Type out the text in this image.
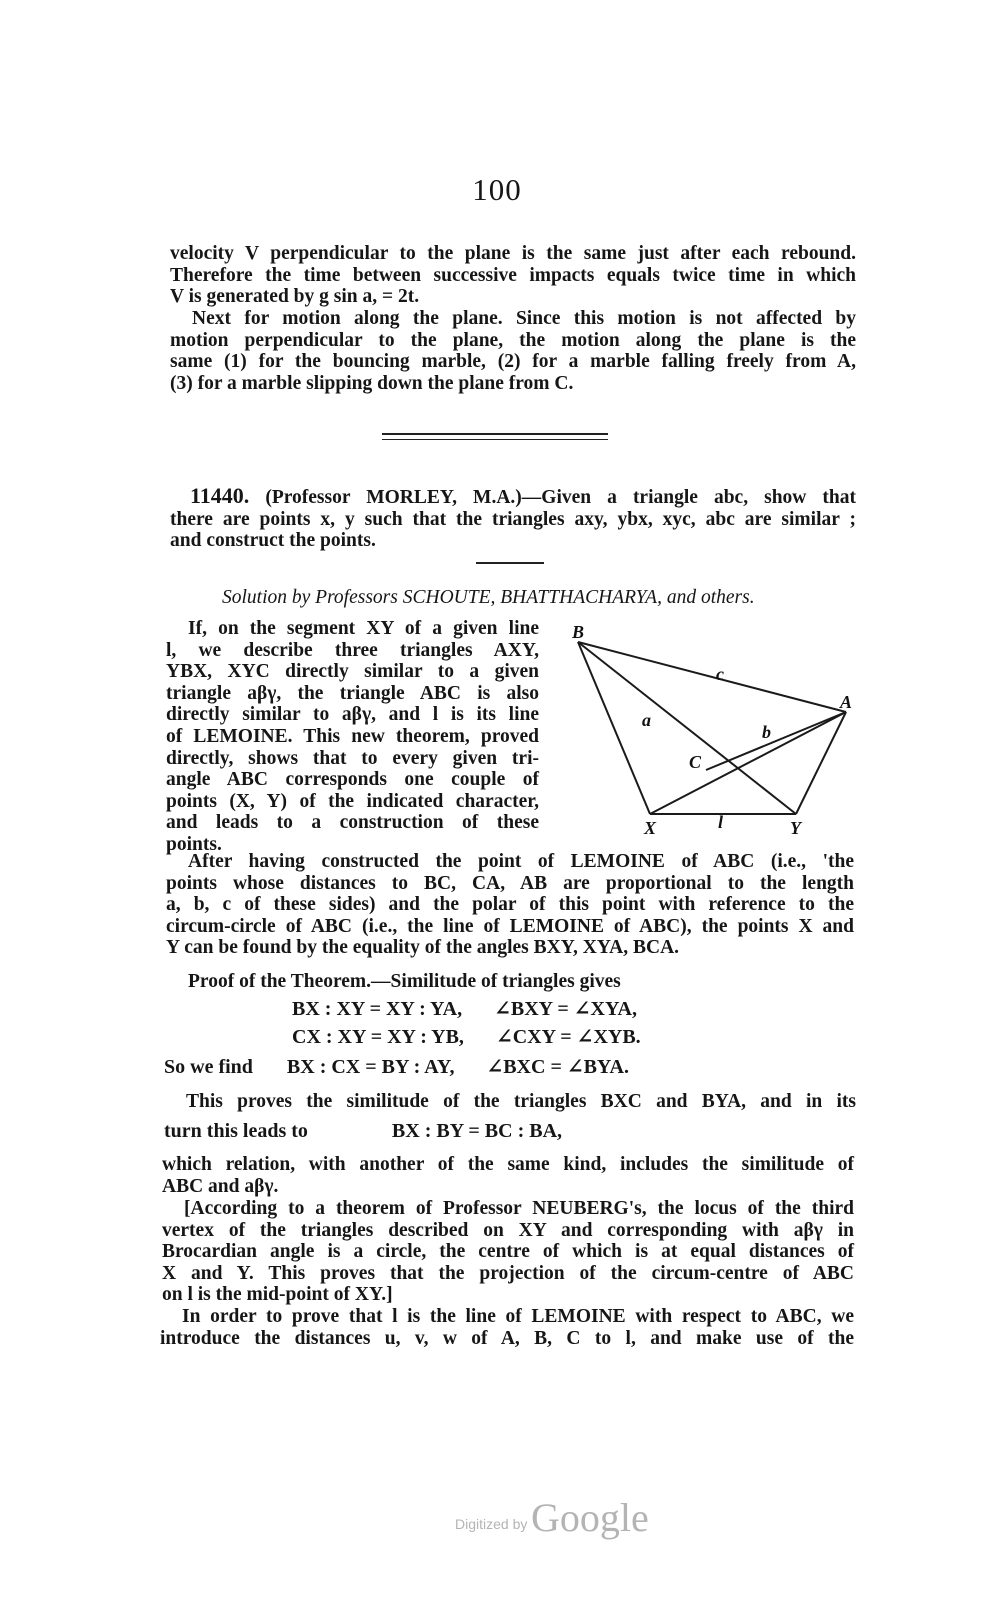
100

velocity V perpendicular to the plane is the same just after each rebound.

Therefore the time between successive impacts equals twice time in which

V is generated by g sin a, = 2t.

Next for motion along the plane. Since this motion is not affected by

motion perpendicular to the plane, the motion along the plane is the

same (1) for the bouncing marble, (2) for a marble falling freely from A,

(3) for a marble slipping down the plane from C.

11440. (Professor MORLEY, M.A.)—Given a triangle abc, show that

there are points x, y such that the triangles axy, ybx, xyc, abc are similar ;

and construct the points.

Solution by Professors SCHOUTE, BHATTHACHARYA, and others.

If, on the segment XY of a given line

l, we describe three triangles AXY,

YBX, XYC directly similar to a given

triangle aβγ, the triangle ABC is also

directly similar to aβγ, and l is its line

of LEMOINE. This new theorem, proved

directly, shows that to every given tri-

angle ABC corresponds one couple of

points (X, Y) of the indicated character,

and leads to a construction of these

points.

B
A
c
a
b
C
X	l	Y

After having constructed the point of LEMOINE of ABC (i.e., 'the

points whose distances to BC, CA, AB are proportional to the length

a, b, c of these sides) and the polar of this point with reference to the

circum-circle of ABC (i.e., the line of LEMOINE of ABC), the points X and

Y can be found by the equality of the angles BXY, XYA, BCA.

Proof of the Theorem.—Similitude of triangles gives

BX : XY = XY : YA, ∠BXY = ∠XYA,
CX : XY = XY : YB, ∠CXY = ∠XYB.
So we find BX : CX = BY : AY, ∠BXC = ∠BYA.

This proves the similitude of the triangles BXC and BYA, and in its

turn this leads to	BX : BY = BC : BA,

which relation, with another of the same kind, includes the similitude of

ABC and aβγ.

[According to a theorem of Professor NEUBERG's, the locus of the third

vertex of the triangles described on XY and corresponding with aβγ in

Brocardian angle is a circle, the centre of which is at equal distances of

X and Y. This proves that the projection of the circum-centre of ABC

on l is the mid-point of XY.]

In order to prove that l is the line of LEMOINE with respect to ABC, we

introduce the distances u, v, w of A, B, C to l, and make use of the

Digitized by Google
